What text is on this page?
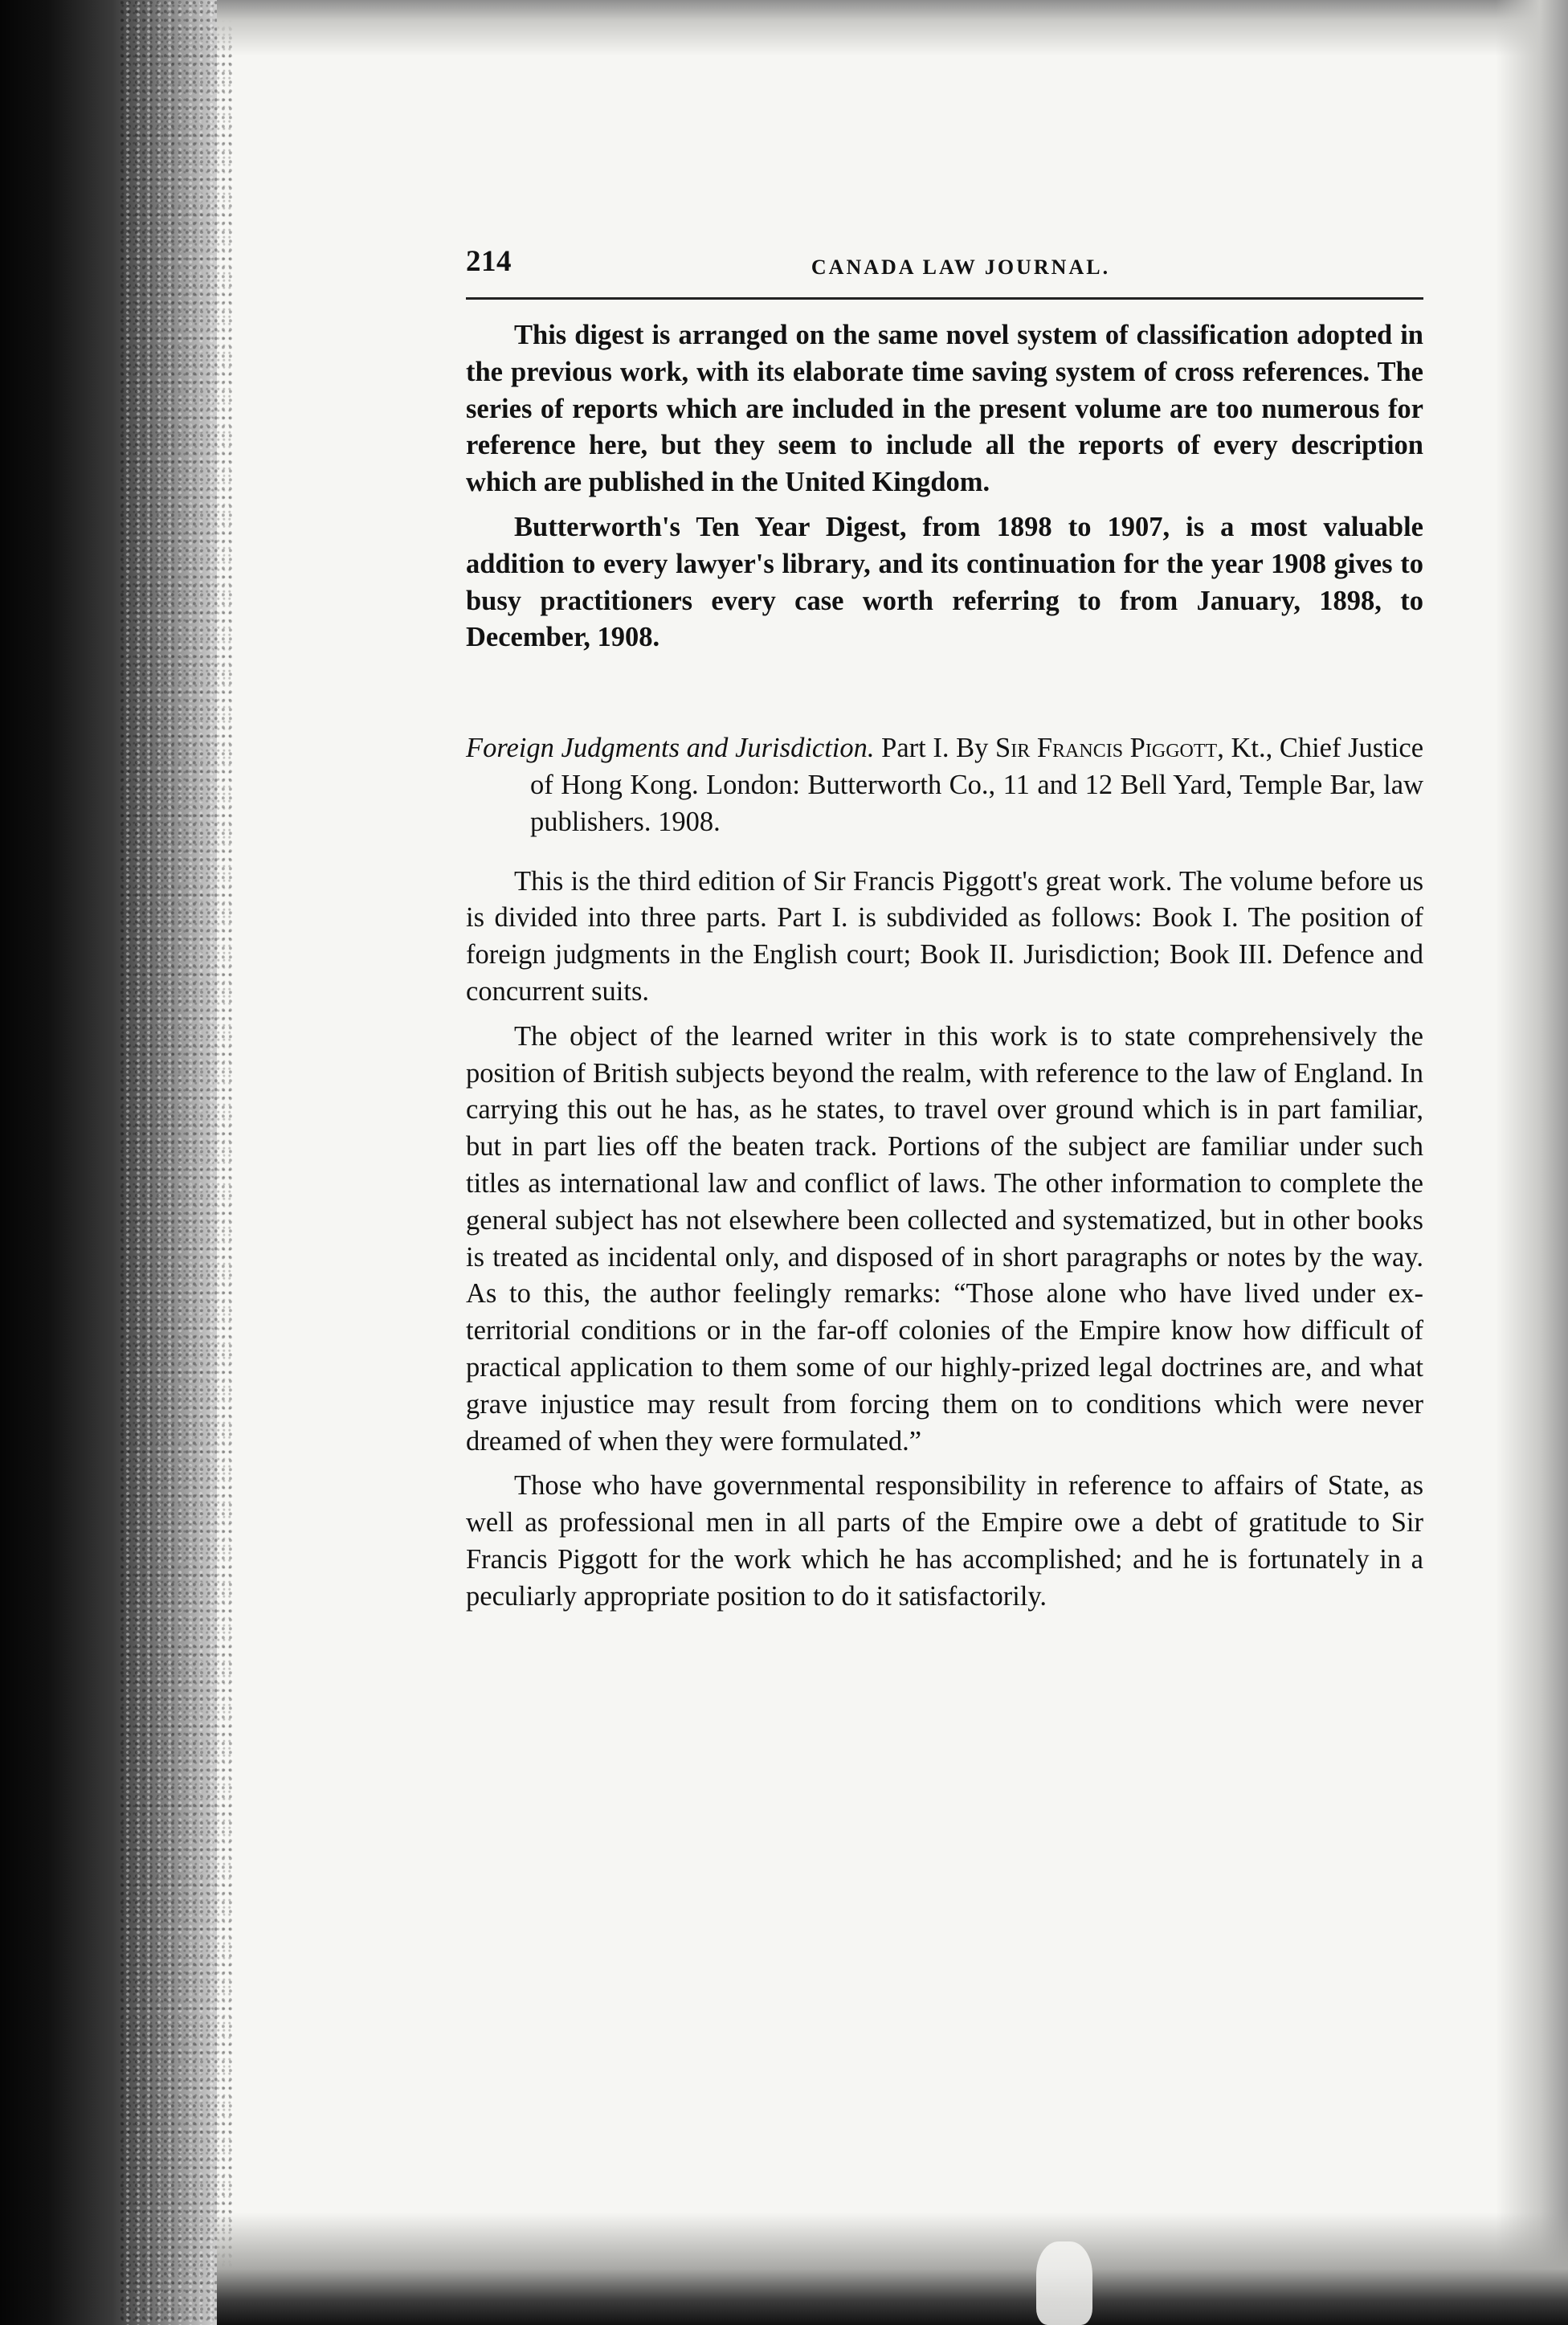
214	CANADA LAW JOURNAL.

This digest is arranged on the same novel system of classification adopted in the previous work, with its elaborate time saving system of cross references. The series of reports which are included in the present volume are too numerous for reference here, but they seem to include all the reports of every description which are published in the United Kingdom.

Butterworth's Ten Year Digest, from 1898 to 1907, is a most valuable addition to every lawyer's library, and its continuation for the year 1908 gives to busy practitioners every case worth referring to from January, 1898, to December, 1908.

Foreign Judgments and Jurisdiction. Part I. By Sir Francis Piggott, Kt., Chief Justice of Hong Kong. London: Butterworth Co., 11 and 12 Bell Yard, Temple Bar, law publishers. 1908.

This is the third edition of Sir Francis Piggott's great work. The volume before us is divided into three parts. Part I. is subdivided as follows: Book I. The position of foreign judgments in the English court; Book II. Jurisdiction; Book III. Defence and concurrent suits.

The object of the learned writer in this work is to state comprehensively the position of British subjects beyond the realm, with reference to the law of England. In carrying this out he has, as he states, to travel over ground which is in part familiar, but in part lies off the beaten track. Portions of the subject are familiar under such titles as international law and conflict of laws. The other information to complete the general subject has not elsewhere been collected and systematized, but in other books is treated as incidental only, and disposed of in short paragraphs or notes by the way. As to this, the author feelingly remarks: “Those alone who have lived under ex-territorial conditions or in the far-off colonies of the Empire know how difficult of practical application to them some of our highly-prized legal doctrines are, and what grave injustice may result from forcing them on to conditions which were never dreamed of when they were formulated.”

Those who have governmental responsibility in reference to affairs of State, as well as professional men in all parts of the Empire owe a debt of gratitude to Sir Francis Piggott for the work which he has accomplished; and he is fortunately in a peculiarly appropriate position to do it satisfactorily.
